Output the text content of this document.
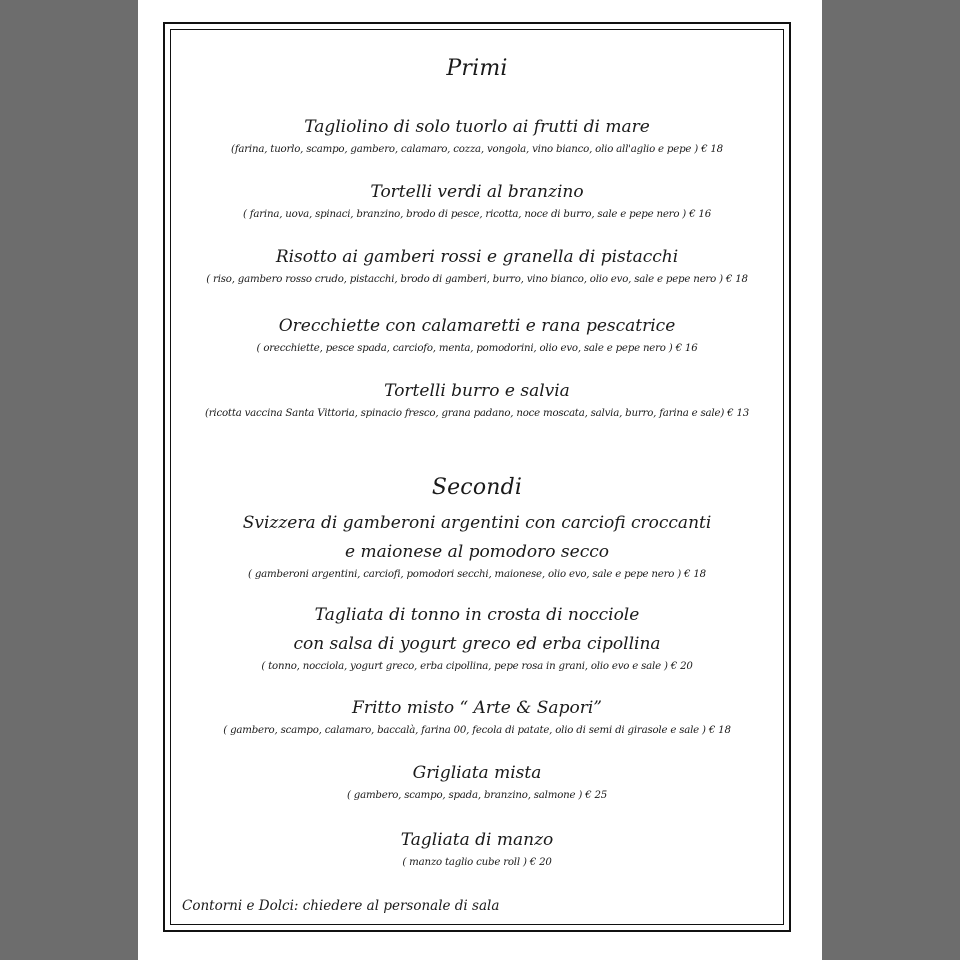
Primi
Tagliolino di solo tuorlo ai frutti di mare
(farina, tuorlo, scampo, gambero, calamaro, cozza, vongola, vino bianco, olio all'aglio e pepe ) € 18
Tortelli verdi al branzino
( farina, uova, spinaci, branzino, brodo di pesce, ricotta, noce di burro, sale e pepe nero ) € 16
Risotto ai gamberi rossi e granella di pistacchi
( riso, gambero rosso crudo, pistacchi, brodo di gamberi, burro, vino bianco, olio evo, sale e pepe nero ) € 18
Orecchiette con calamaretti e rana pescatrice
( orecchiette, pesce spada, carciofo, menta, pomodorini, olio evo, sale e pepe nero ) € 16
Tortelli burro e salvia
(ricotta vaccina Santa Vittoria, spinacio fresco, grana padano, noce moscata, salvia, burro, farina e sale) € 13
Secondi
Svizzera di gamberoni argentini con carciofi croccanti
e maionese al pomodoro secco
( gamberoni argentini, carciofi, pomodori secchi, maionese, olio evo, sale e pepe nero ) € 18
Tagliata di tonno in crosta di nocciole
con salsa di yogurt greco ed erba cipollina
( tonno, nocciola, yogurt greco, erba cipollina, pepe rosa in grani, olio evo e sale ) € 20
Fritto misto “ Arte & Sapori”
( gambero, scampo, calamaro, baccalà, farina 00, fecola di patate, olio di semi di girasole e sale ) € 18
Grigliata mista
( gambero, scampo, spada, branzino, salmone ) € 25
Tagliata di manzo
( manzo taglio cube roll ) € 20
Contorni e Dolci: chiedere al personale di sala
